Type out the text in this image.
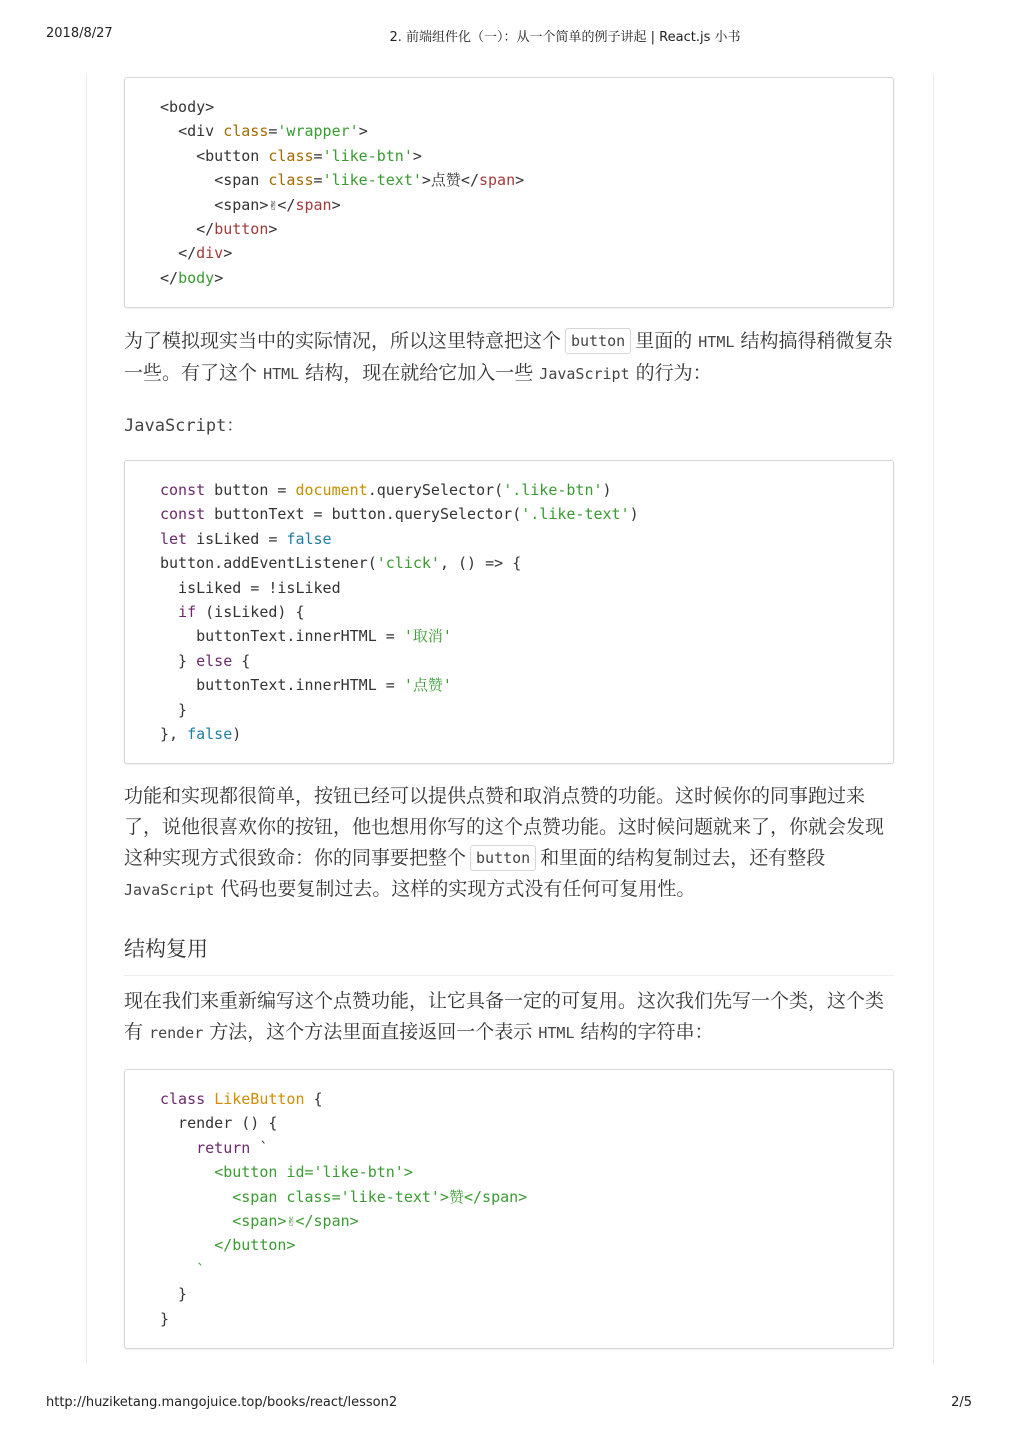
2018/8/27	2. 前端组件化（一）：从一个简单的例子讲起 | React.js 小书
<body>
<div class='wrapper'>
<button class='like-btn'>
<span class='like-text'>点赞</span>
<span>✌</span>
</button>
</div>
</body>
为了模拟现实当中的实际情况，所以这里特意把这个 button 里面的 HTML 结构搞得稍微复杂一些。有了这个 HTML 结构，现在就给它加入一些 JavaScript 的行为：
JavaScript：
const button = document.querySelector('.like-btn')
const buttonText = button.querySelector('.like-text')
let isLiked = false
button.addEventListener('click', () => {
isLiked = !isLiked
if (isLiked) {
buttonText.innerHTML = '取消'
} else {
buttonText.innerHTML = '点赞'
}
}, false)
功能和实现都很简单，按钮已经可以提供点赞和取消点赞的功能。这时候你的同事跑过来了，说他很喜欢你的按钮，他也想用你写的这个点赞功能。这时候问题就来了，你就会发现这种实现方式很致命：你的同事要把整个 button 和里面的结构复制过去，还有整段 JavaScript 代码也要复制过去。这样的实现方式没有任何可复用性。
结构复用
现在我们来重新编写这个点赞功能，让它具备一定的可复用。这次我们先写一个类，这个类有 render 方法，这个方法里面直接返回一个表示 HTML 结构的字符串：
class LikeButton {
render () {
return `
<button id='like-btn'>
<span class='like-text'>赞</span>
<span>✌</span>
</button>
`
}
}
http://huziketang.mangojuice.top/books/react/lesson2	2/5
